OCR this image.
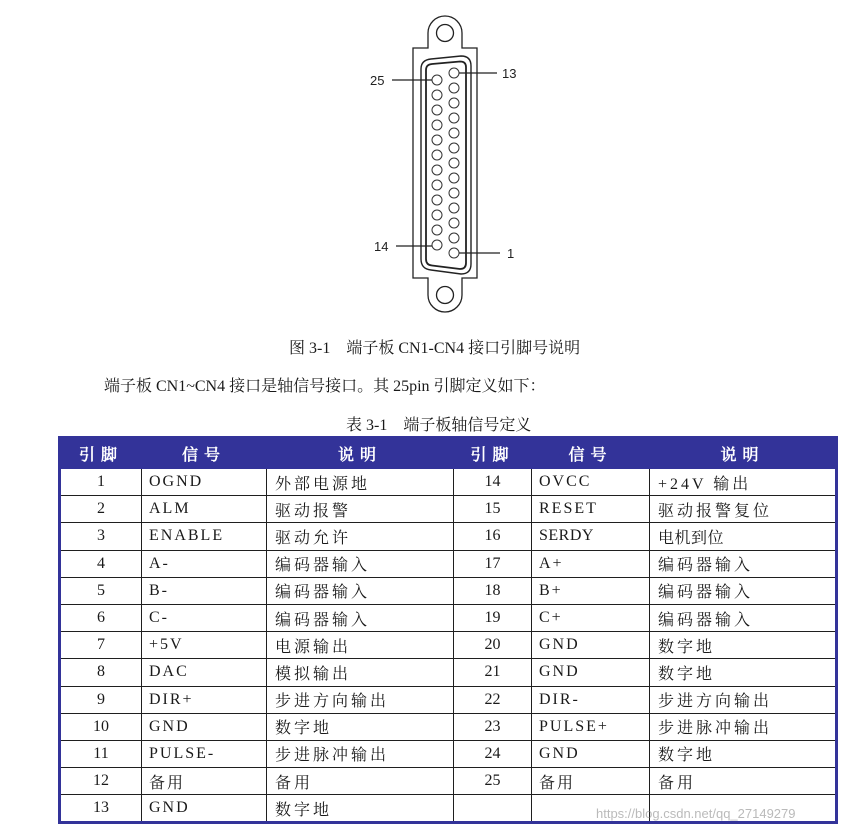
25	13
14	1
图 3-1　端子板 CN1-CN4 接口引脚号说明
端子板 CN1~CN4 接口是轴信号接口。其 25pin 引脚定义如下：
表 3-1　端子板轴信号定义
引脚	信号	说明	引脚	信号	说明
1	OGND	外部电源地	14	OVCC	+24V 输出
2	ALM	驱动报警	15	RESET	驱动报警复位
3	ENABLE	驱动允许	16	SERDY	电机到位
4	A-	编码器输入	17	A+	编码器输入
5	B-	编码器输入	18	B+	编码器输入
6	C-	编码器输入	19	C+	编码器输入
7	+5V	电源输出	20	GND	数字地
8	DAC	模拟输出	21	GND	数字地
9	DIR+	步进方向输出	22	DIR-	步进方向输出
10	GND	数字地	23	PULSE+	步进脉冲输出
11	PULSE-	步进脉冲输出	24	GND	数字地
12	备用	备用	25	备用	备用
13	GND	数字地				https://blog.csdn.net/qq_27149279
